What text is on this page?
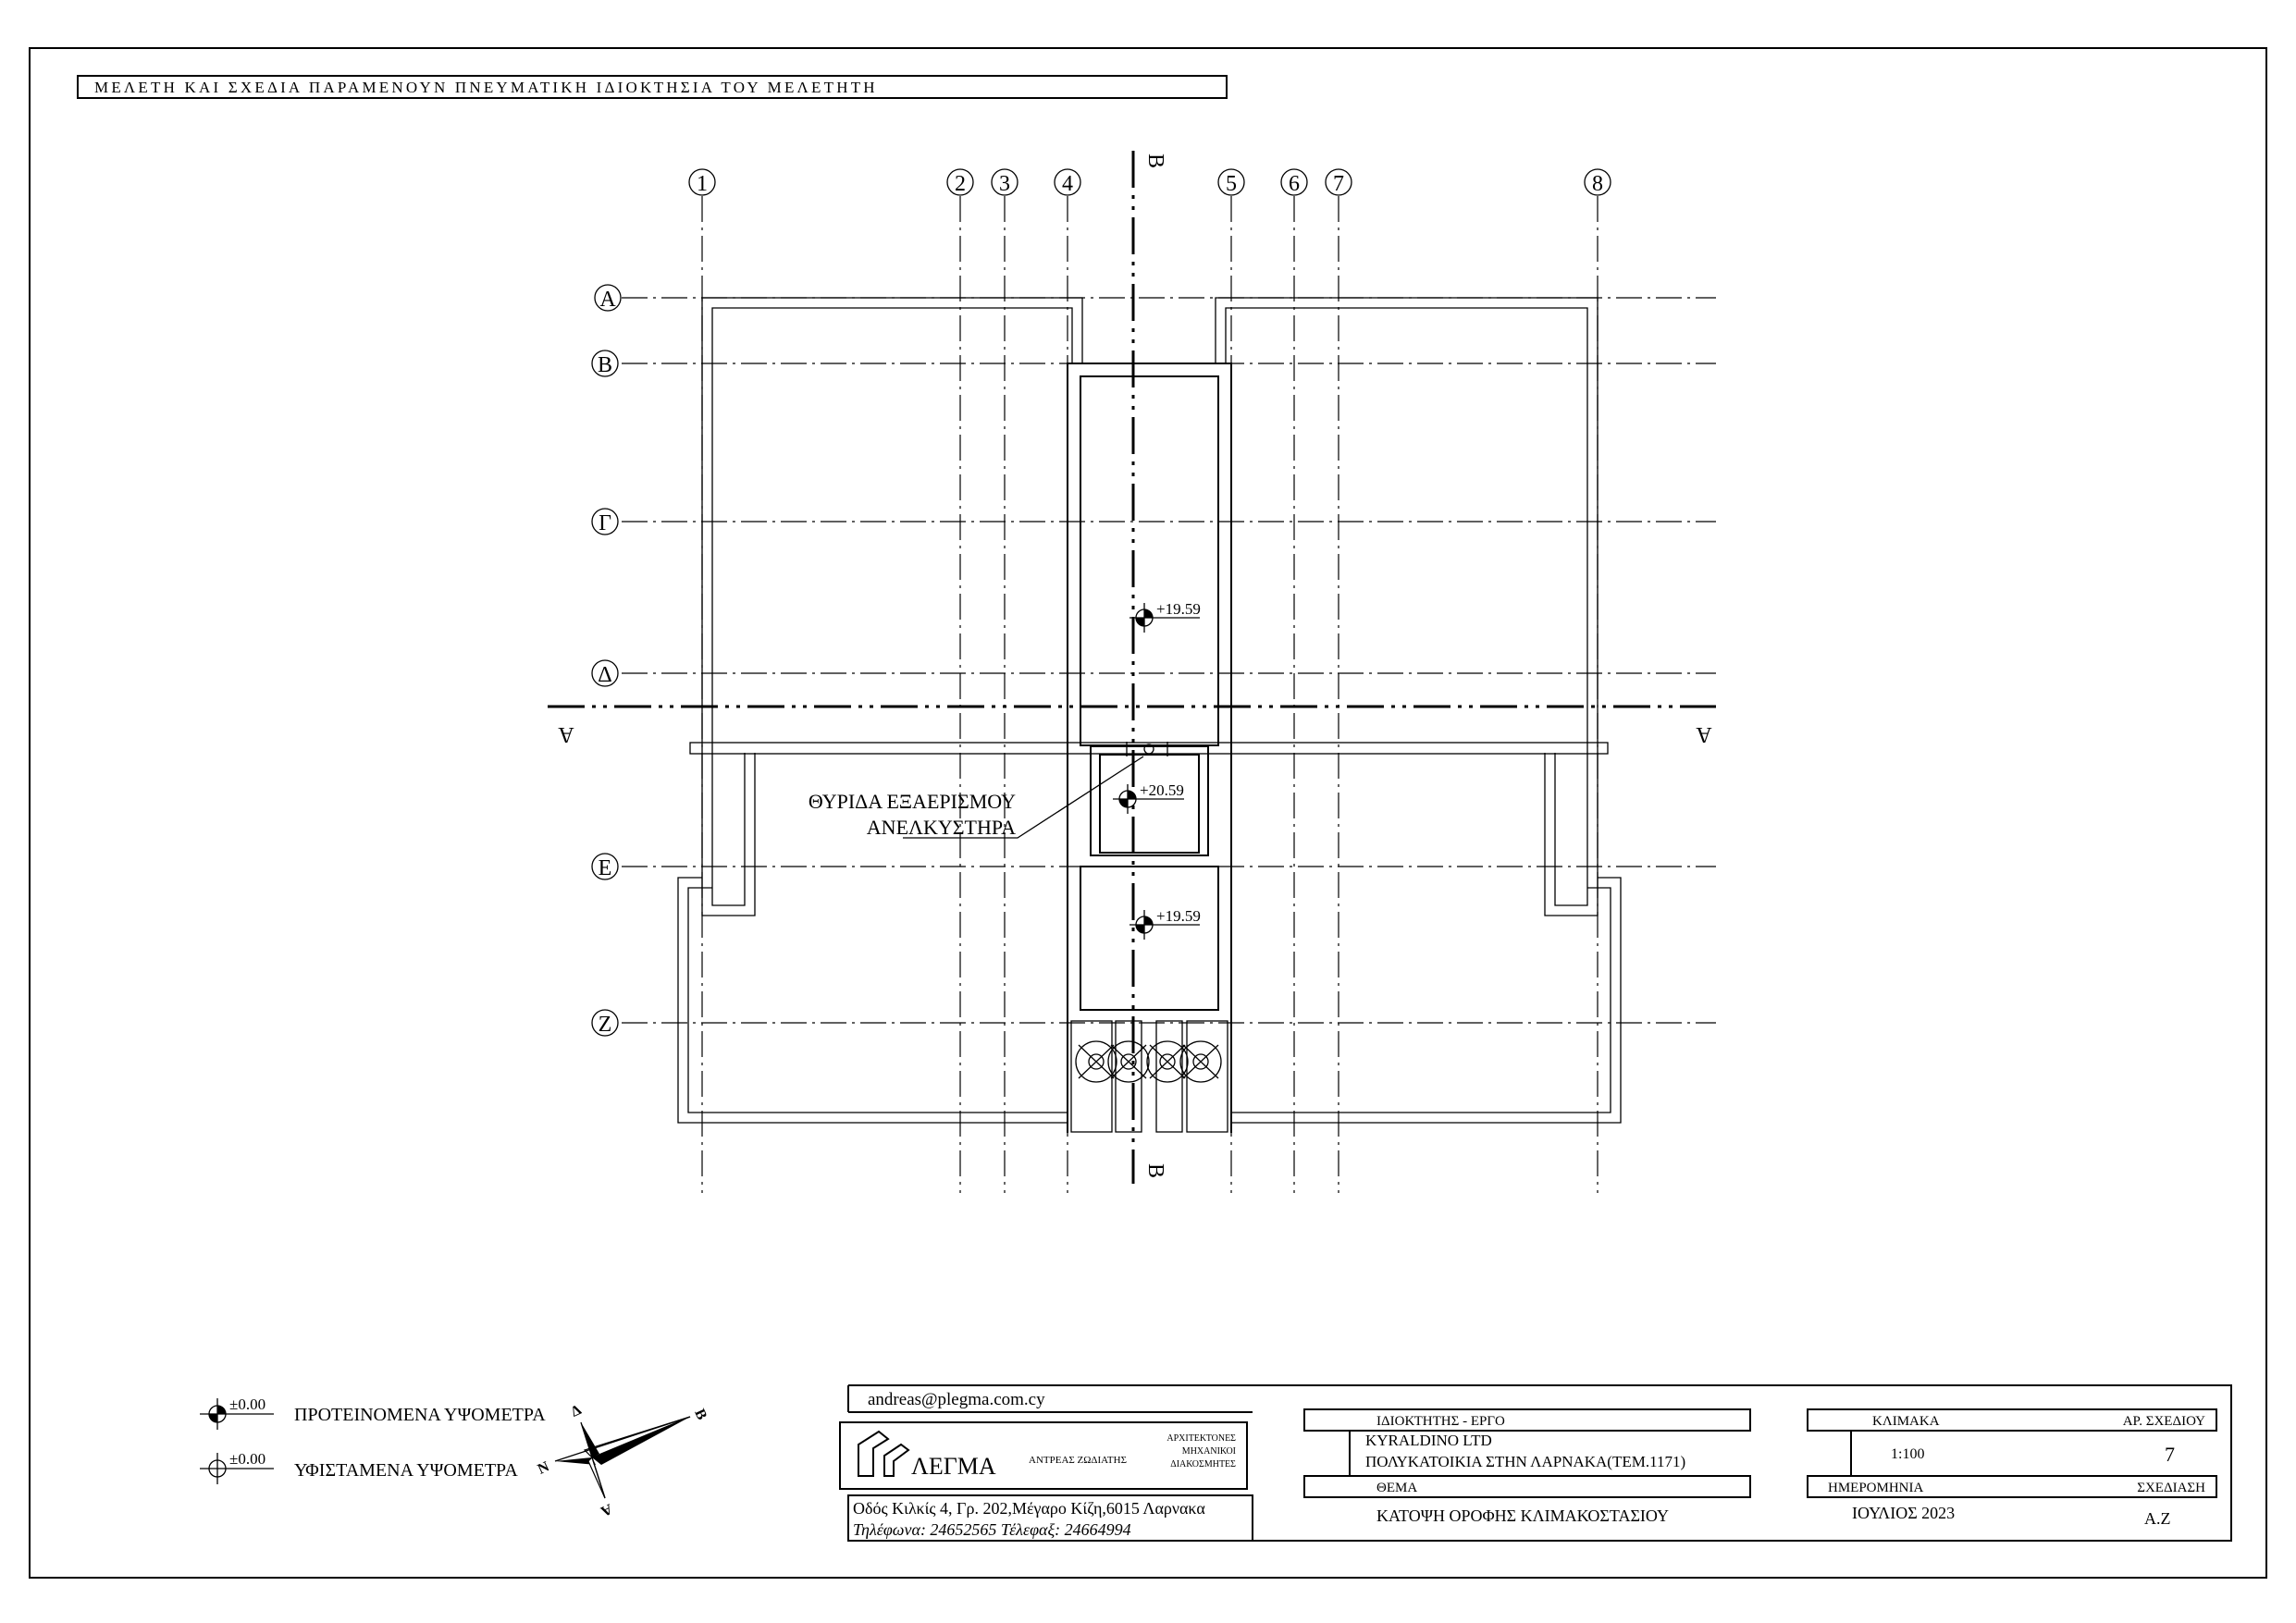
ΜΕΛΕΤΗ ΚΑΙ ΣΧΕΔΙΑ ΠΑΡΑΜΕΝΟΥΝ ΠΝΕΥΜΑΤΙΚΗ ΙΔΙΟΚΤΗΣΙΑ ΤΟΥ ΜΕΛΕΤΗΤΗ
1	2 3 4	5 6 7	8
A
B
Γ
Δ
E
Z
B
B
A	A
+19.59
+20.59
+19.59
ΘΥΡΙΔΑ ΕΞΑΕΡΙΣΜΟΥ
ΑΝΕΛΚΥΣΤΗΡΑ
±0.00
ΠΡΟΤΕΙΝΟΜΕΝΑ ΥΨΟΜΕΤΡΑ
±0.00
ΥΦΙΣΤΑΜΕΝΑ ΥΨΟΜΕΤΡΑ
Δ	B
N
A
andreas@plegma.com.cy
ΛΕΓΜΑ	ΑΝΤΡΕΑΣ ΖΩΔΙΑΤΗΣ
ΑΡΧΙΤΕΚΤΟΝΕΣ
ΜΗΧΑΝΙΚΟΙ
ΔΙΑΚΟΣΜΗΤΕΣ
Οδός Κιλκίς 4, Γρ. 202,Μέγαρο Κίζη,6015 Λαρνακα
Τηλέφωνα: 24652565 Τέλεφαξ: 24664994
ΙΔΙΟΚΤΗΤΗΣ - ΕΡΓΟ
KYRALDINO LTD
ΠΟΛΥΚΑΤΟΙΚΙΑ ΣΤΗΝ ΛΑΡΝΑΚΑ(ΤΕΜ.1171)
ΘΕΜΑ
ΚΑΤΟΨΗ ΟΡΟΦΗΣ ΚΛΙΜΑΚΟΣΤΑΣΙΟΥ
ΚΛΙΜΑΚΑ	ΑΡ. ΣΧΕΔΙΟΥ
1:100	7
ΗΜΕΡΟΜΗΝΙΑ	ΣΧΕΔΙΑΣΗ
ΙΟΥΛΙΟΣ 2023	A.Z
